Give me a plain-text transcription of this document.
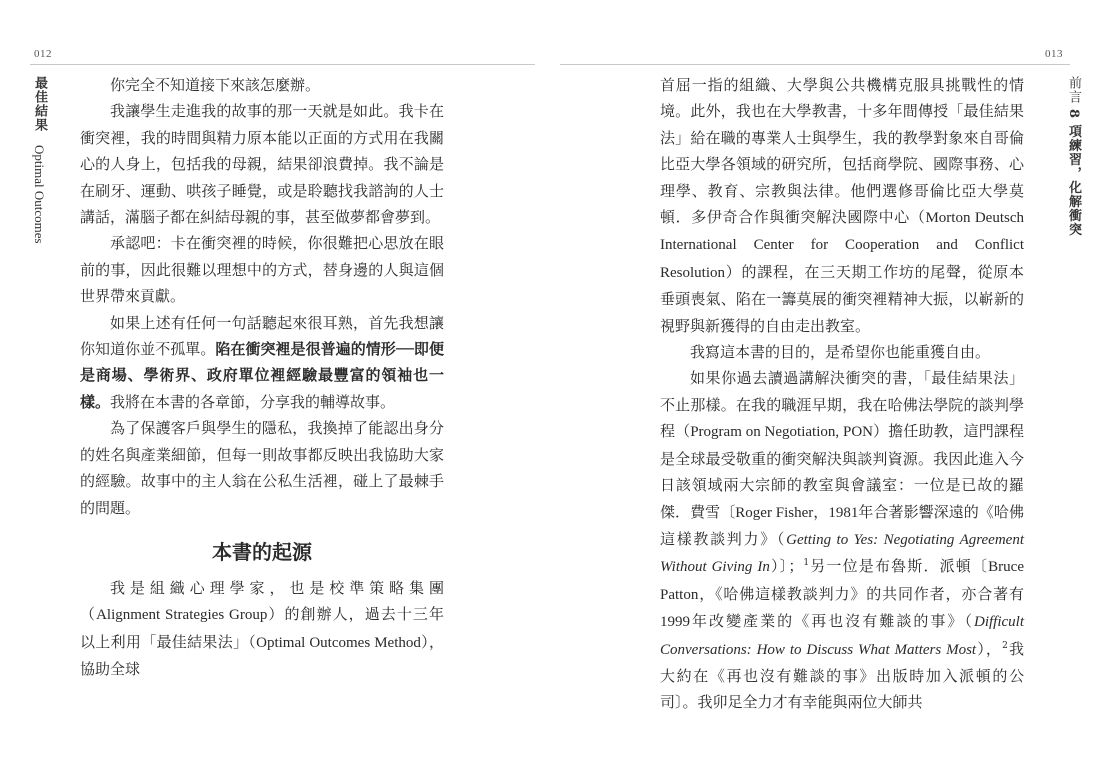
012
最佳結果 Optimal Outcomes

你完全不知道接下來該怎麼辦。

我讓學生走進我的故事的那一天就是如此。我卡在衝突裡，我的時間與精力原本能以正面的方式用在我關心的人身上，包括我的母親，結果卻浪費掉。我不論是在刷牙、運動、哄孩子睡覺，或是聆聽找我諮詢的人士講話，滿腦子都在糾結母親的事，甚至做夢都會夢到。

承認吧：卡在衝突裡的時候，你很難把心思放在眼前的事，因此很難以理想中的方式，替身邊的人與這個世界帶來貢獻。

如果上述有任何一句話聽起來很耳熟，首先我想讓你知道你並不孤單。陷在衝突裡是很普遍的情形──即便是商場、學術界、政府單位裡經驗最豐富的領袖也一樣。我將在本書的各章節，分享我的輔導故事。

為了保護客戶與學生的隱私，我換掉了能認出身分的姓名與產業細節，但每一則故事都反映出我協助大家的經驗。故事中的主人翁在公私生活裡，碰上了最棘手的問題。

本書的起源

我是組織心理學家，也是校準策略集團（Alignment Strategies Group）的創辦人，過去十三年以上利用「最佳結果法」（Optimal Outcomes Method），協助全球

013
前言 8 項練習，化解衝突

首屈一指的組織、大學與公共機構克服具挑戰性的情境。此外，我也在大學教書，十多年間傳授「最佳結果法」給在職的專業人士與學生，我的教學對象來自哥倫比亞大學各領域的研究所，包括商學院、國際事務、心理學、教育、宗教與法律。他們選修哥倫比亞大學莫頓．多伊奇合作與衝突解決國際中心（Morton Deutsch International Center for Cooperation and Conflict Resolution）的課程，在三天期工作坊的尾聲，從原本垂頭喪氣、陷在一籌莫展的衝突裡精神大振，以嶄新的視野與新獲得的自由走出教室。

我寫這本書的目的，是希望你也能重獲自由。

如果你過去讀過講解決衝突的書，「最佳結果法」不止那樣。在我的職涯早期，我在哈佛法學院的談判學程（Program on Negotiation, PON）擔任助教，這門課程是全球最受敬重的衝突解決與談判資源。我因此進入今日該領域兩大宗師的教室與會議室：一位是已故的羅傑．費雪〔Roger Fisher，1981年合著影響深遠的《哈佛這樣教談判力》（Getting to Yes: Negotiating Agreement Without Giving In）〕；$^1$另一位是布魯斯．派頓〔Bruce Patton，《哈佛這樣教談判力》的共同作者，亦合著有1999年改變產業的《再也沒有難談的事》（Difficult Conversations: How to Discuss What Matters Most），$^2$我大約在《再也沒有難談的事》出版時加入派頓的公司〕。我卯足全力才有幸能與兩位大師共
